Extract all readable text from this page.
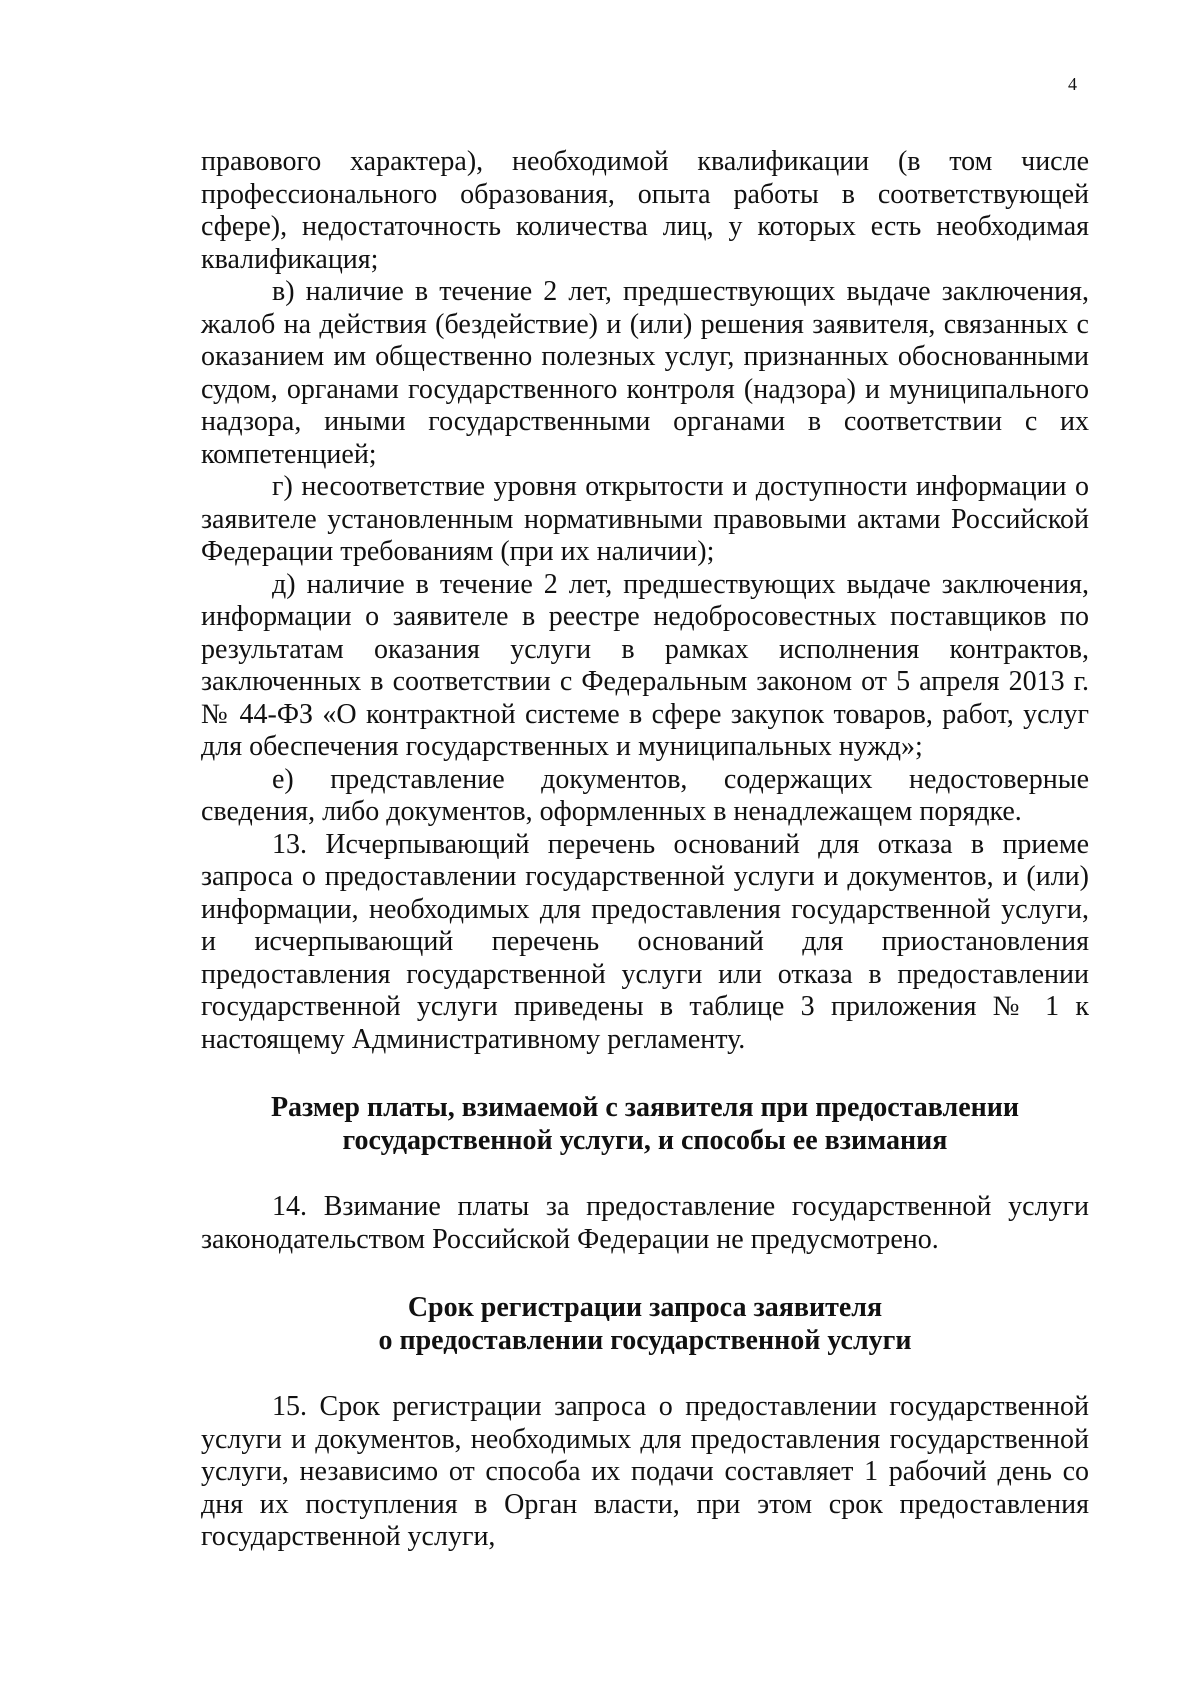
4

правового характера), необходимой квалификации (в том числе профессионального образования, опыта работы в соответствующей сфере), недостаточность количества лиц, у которых есть необходимая квалификация;

в) наличие в течение 2 лет, предшествующих выдаче заключения, жалоб на действия (бездействие) и (или) решения заявителя, связанных с оказанием им общественно полезных услуг, признанных обоснованными судом, органами государственного контроля (надзора) и муниципального надзора, иными государственными органами в соответствии с их компетенцией;

г) несоответствие уровня открытости и доступности информации о заявителе установленным нормативными правовыми актами Российской Федерации требованиям (при их наличии);

д) наличие в течение 2 лет, предшествующих выдаче заключения, информации о заявителе в реестре недобросовестных поставщиков по результатам оказания услуги в рамках исполнения контрактов, заключенных в соответствии с Федеральным законом от 5 апреля 2013 г. № 44-ФЗ «О контрактной системе в сфере закупок товаров, работ, услуг для обеспечения государственных и муниципальных нужд»;

е) представление документов, содержащих недостоверные сведения, либо документов, оформленных в ненадлежащем порядке.

13. Исчерпывающий перечень оснований для отказа в приеме запроса о предоставлении государственной услуги и документов, и (или) информации, необходимых для предоставления государственной услуги, и исчерпывающий перечень оснований для приостановления предоставления государственной услуги или отказа в предоставлении государственной услуги приведены в таблице 3 приложения № 1 к настоящему Административному регламенту.

Размер платы, взимаемой с заявителя при предоставлении
государственной услуги, и способы ее взимания

14. Взимание платы за предоставление государственной услуги законодательством Российской Федерации не предусмотрено.

Срок регистрации запроса заявителя
о предоставлении государственной услуги

15. Срок регистрации запроса о предоставлении государственной услуги и документов, необходимых для предоставления государственной услуги, независимо от способа их подачи составляет 1 рабочий день со дня их поступления в Орган власти, при этом срок предоставления государственной услуги,
